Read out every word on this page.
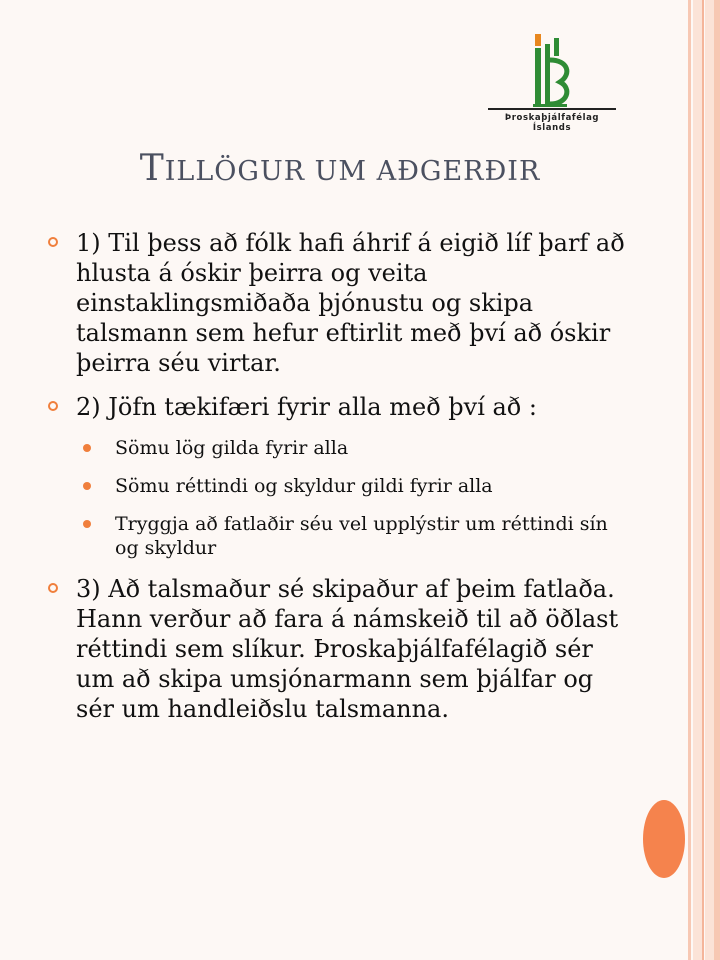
Þroskaþjálfafélag
Íslands
TILLÖGUR UM AÐGERÐIR
1) Til þess að fólk hafi áhrif á eigið líf þarf að hlusta á óskir þeirra og veita einstaklingsmiðaða þjónustu og skipa talsmann sem hefur eftirlit með því að óskir þeirra séu virtar.
2) Jöfn tækifæri fyrir alla með því að :
Sömu lög gilda fyrir alla
Sömu réttindi og skyldur gildi fyrir alla
Tryggja að fatlaðir séu vel upplýstir um réttindi sín og skyldur
3) Að talsmaður sé skipaður af þeim fatlaða. Hann verður að fara á námskeið til að öðlast réttindi sem slíkur. Þroskaþjálfafélagið sér um að skipa umsjónarmann sem þjálfar og sér um handleiðslu talsmanna.
